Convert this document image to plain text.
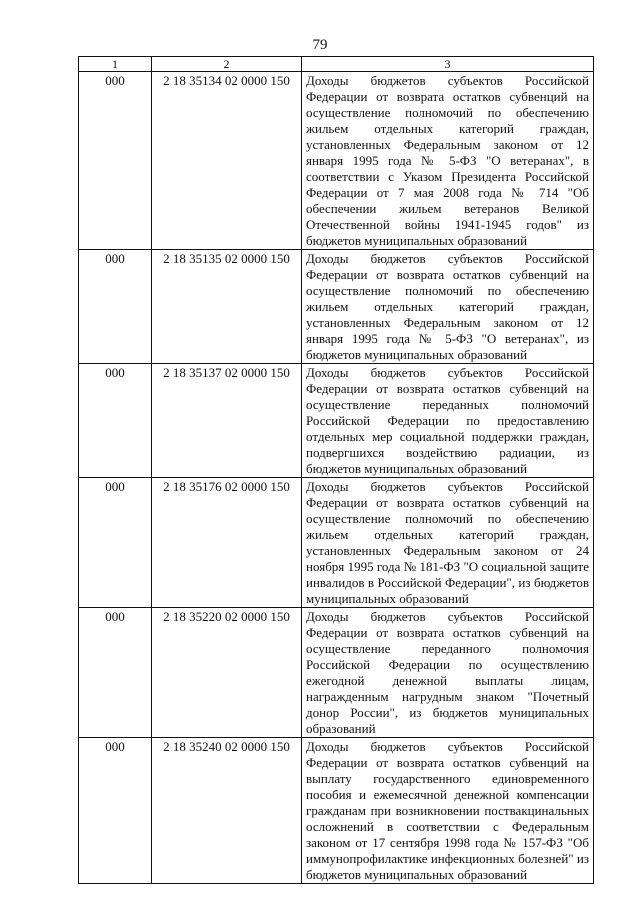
79
1	2	3
000	2 18 35134 02 0000 150	Доходы бюджетов субъектов Российской Федерации от возврата остатков субвенций на осуществление полномочий по обеспечению жильем отдельных категорий граждан, установленных Федеральным законом от 12 января 1995 года № 5-ФЗ "О ветеранах", в соответствии с Указом Президента Российской Федерации от 7 мая 2008 года № 714 "Об обеспечении жильем ветеранов Великой Отечественной войны 1941-1945 годов" из бюджетов муниципальных образований
000	2 18 35135 02 0000 150	Доходы бюджетов субъектов Российской Федерации от возврата остатков субвенций на осуществление полномочий по обеспечению жильем отдельных категорий граждан, установленных Федеральным законом от 12 января 1995 года № 5-ФЗ "О ветеранах", из бюджетов муниципальных образований
000	2 18 35137 02 0000 150	Доходы бюджетов субъектов Российской Федерации от возврата остатков субвенций на осуществление переданных полномочий Российской Федерации по предоставлению отдельных мер социальной поддержки граждан, подвергшихся воздействию радиации, из бюджетов муниципальных образований
000	2 18 35176 02 0000 150	Доходы бюджетов субъектов Российской Федерации от возврата остатков субвенций на осуществление полномочий по обеспечению жильем отдельных категорий граждан, установленных Федеральным законом от 24 ноября 1995 года № 181-ФЗ "О социальной защите инвалидов в Российской Федерации", из бюджетов муниципальных образований
000	2 18 35220 02 0000 150	Доходы бюджетов субъектов Российской Федерации от возврата остатков субвенций на осуществление переданного полномочия Российской Федерации по осуществлению ежегодной денежной выплаты лицам, награжденным нагрудным знаком "Почетный донор России", из бюджетов муниципальных образований
000	2 18 35240 02 0000 150	Доходы бюджетов субъектов Российской Федерации от возврата остатков субвенций на выплату государственного единовременного пособия и ежемесячной денежной компенсации гражданам при возникновении поствакцинальных осложнений в соответствии с Федеральным законом от 17 сентября 1998 года № 157-ФЗ "Об иммунопрофилактике инфекционных болезней" из бюджетов муниципальных образований
